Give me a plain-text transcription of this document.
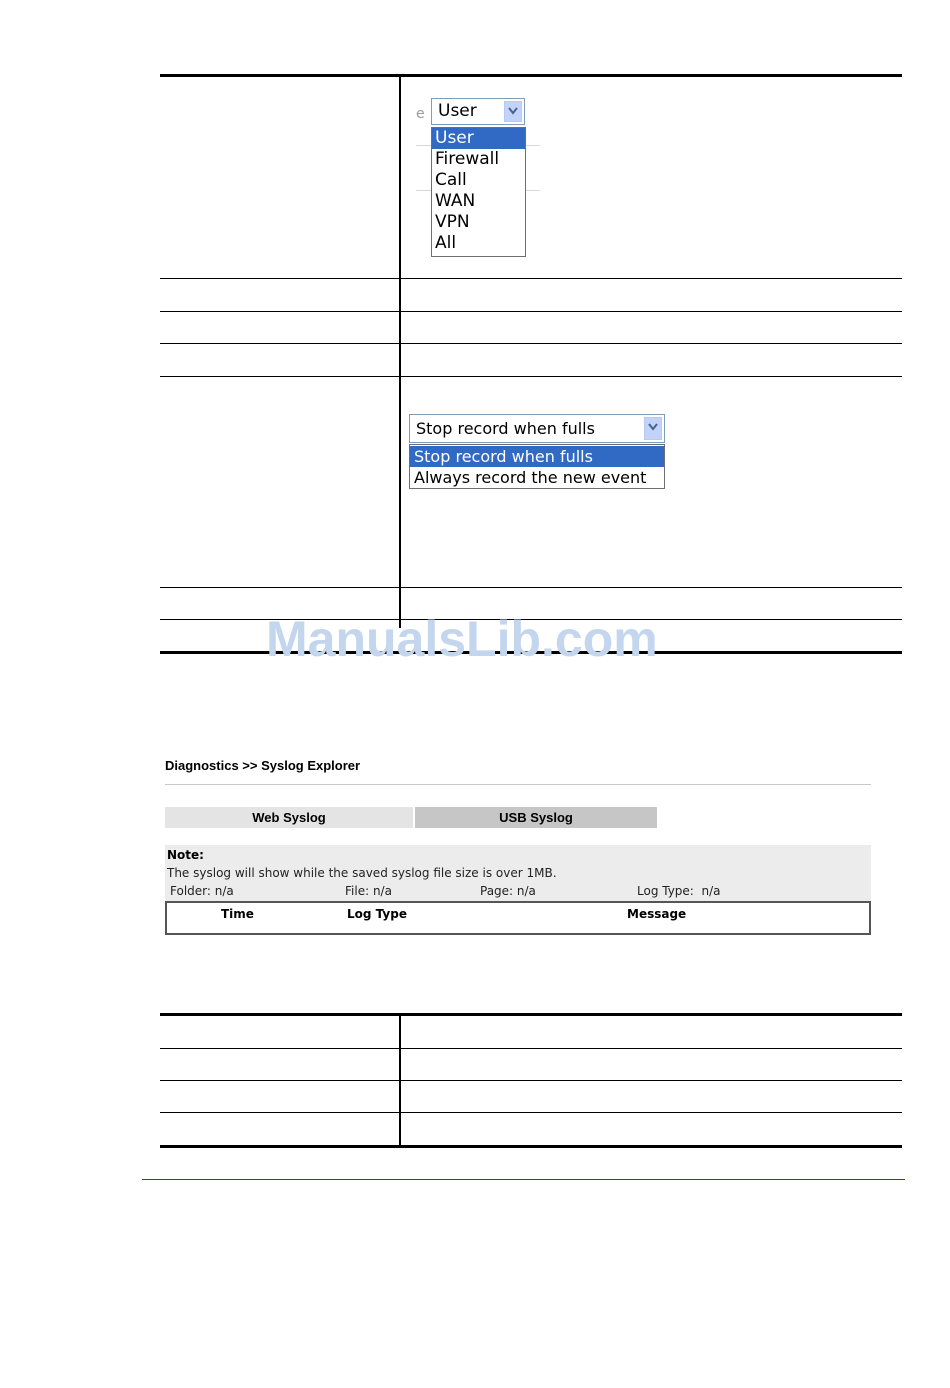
e User
User
Firewall
Call
WAN
VPN
All
Stop record when fulls
Stop record when fulls
Always record the new event
ManualsLib.com
Diagnostics >> Syslog Explorer
Web Syslog	USB Syslog
Note:
The syslog will show while the saved syslog file size is over 1MB.
Folder: n/a	File: n/a	Page: n/a	Log Type:  n/a
Time	Log Type	Message
